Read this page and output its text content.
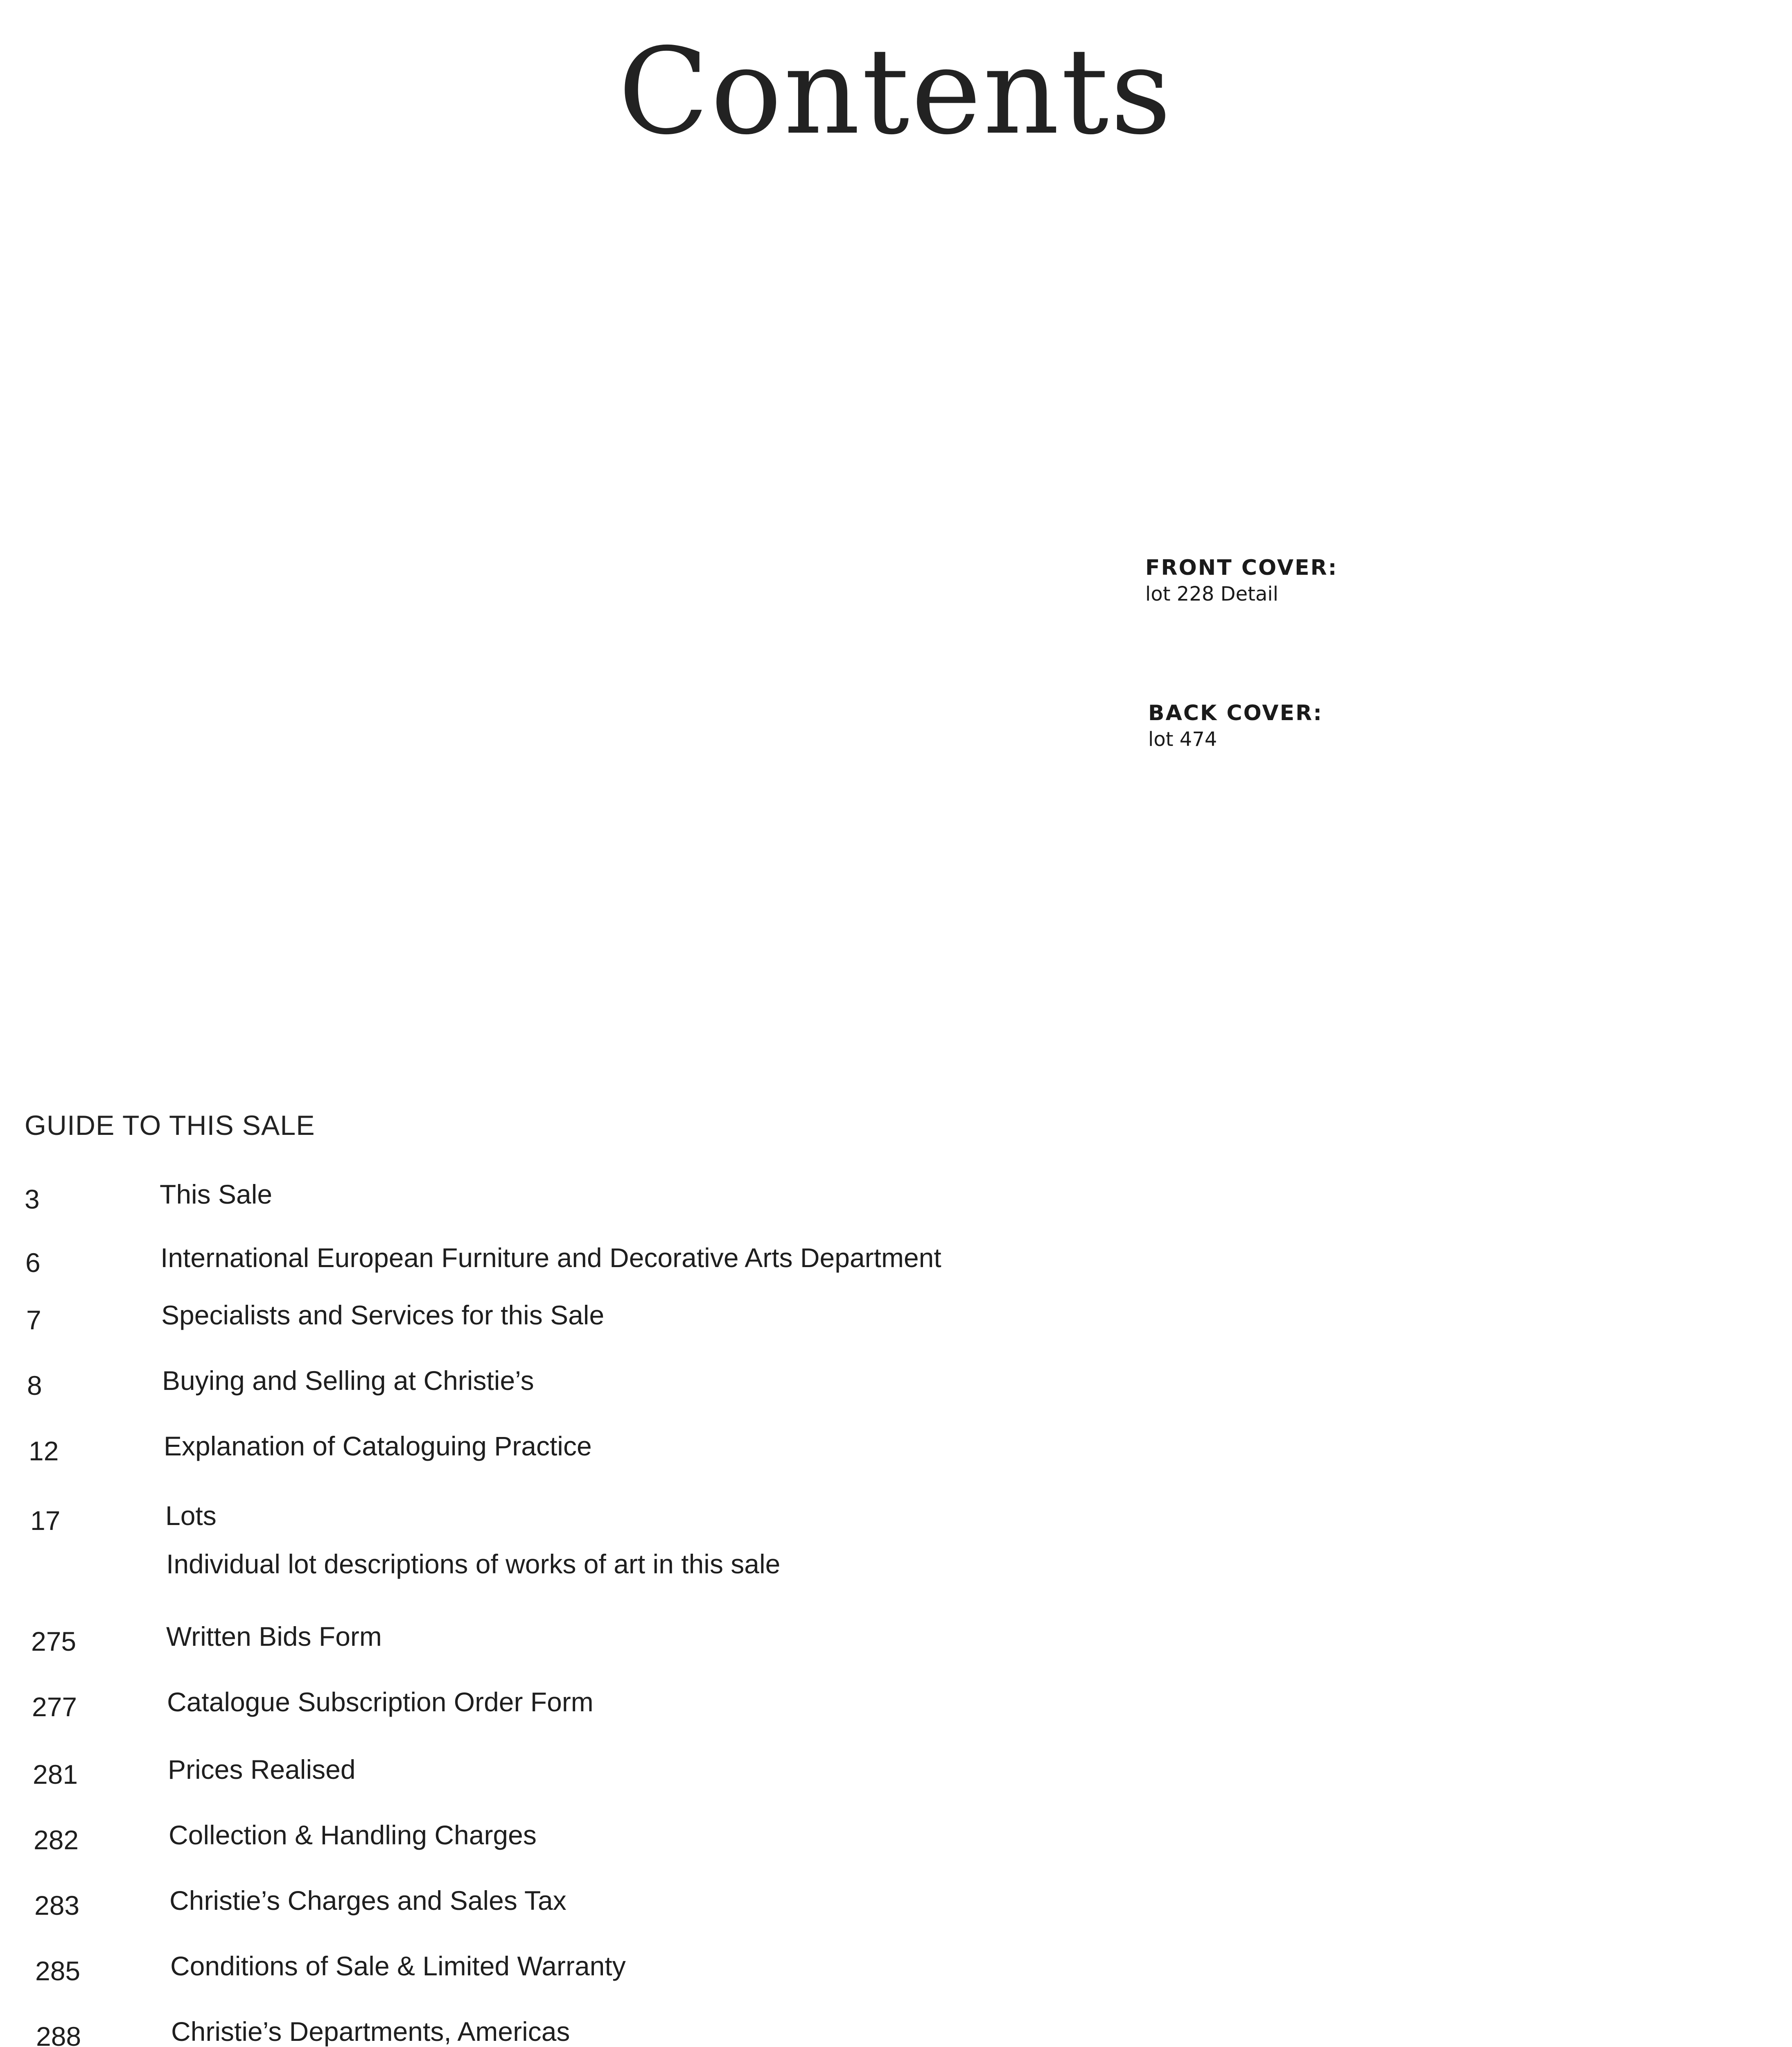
Contents
FRONT COVER:
lot 228 Detail
BACK COVER:
lot 474
GUIDE TO THIS SALE
3	This Sale
6	International European Furniture and Decorative Arts Department
7	Specialists and Services for this Sale
8	Buying and Selling at Christie’s
12	Explanation of Cataloguing Practice
17	Lots
Individual lot descriptions of works of art in this sale
275	Written Bids Form
277	Catalogue Subscription Order Form
281	Prices Realised
282	Collection & Handling Charges
283	Christie’s Charges and Sales Tax
285	Conditions of Sale & Limited Warranty
288	Christie’s Departments, Americas
